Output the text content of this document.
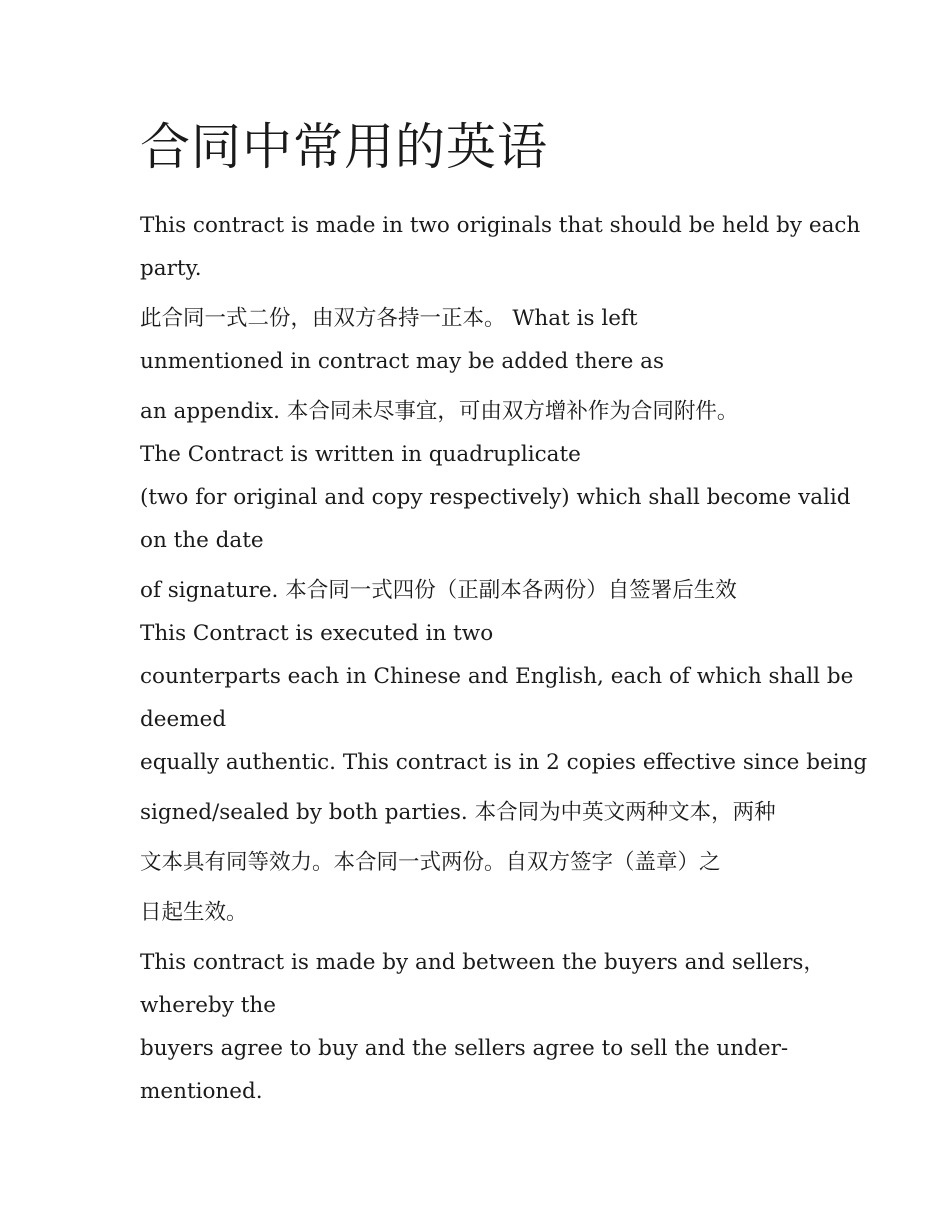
合同中常用的英语

This contract is made in two originals that should be held by each

party.

此合同一式二份，由双方各持一正本。 What is left

unmentioned in contract may be added there as

an appendix. 本合同未尽事宜，可由双方增补作为合同附件。

The Contract is written in quadruplicate

(two for original and copy respectively) which shall become valid

on the date

of signature. 本合同一式四份（正副本各两份）自签署后生效

This Contract is executed in two

counterparts each in Chinese and English, each of which shall be

deemed

equally authentic. This contract is in 2 copies effective since being

signed/sealed by both parties. 本合同为中英文两种文本，两种

文本具有同等效力。本合同一式两份。自双方签字（盖章）之

日起生效。

This contract is made by and between the buyers and sellers，

whereby the

buyers agree to buy and the sellers agree to sell the under-

mentioned.
